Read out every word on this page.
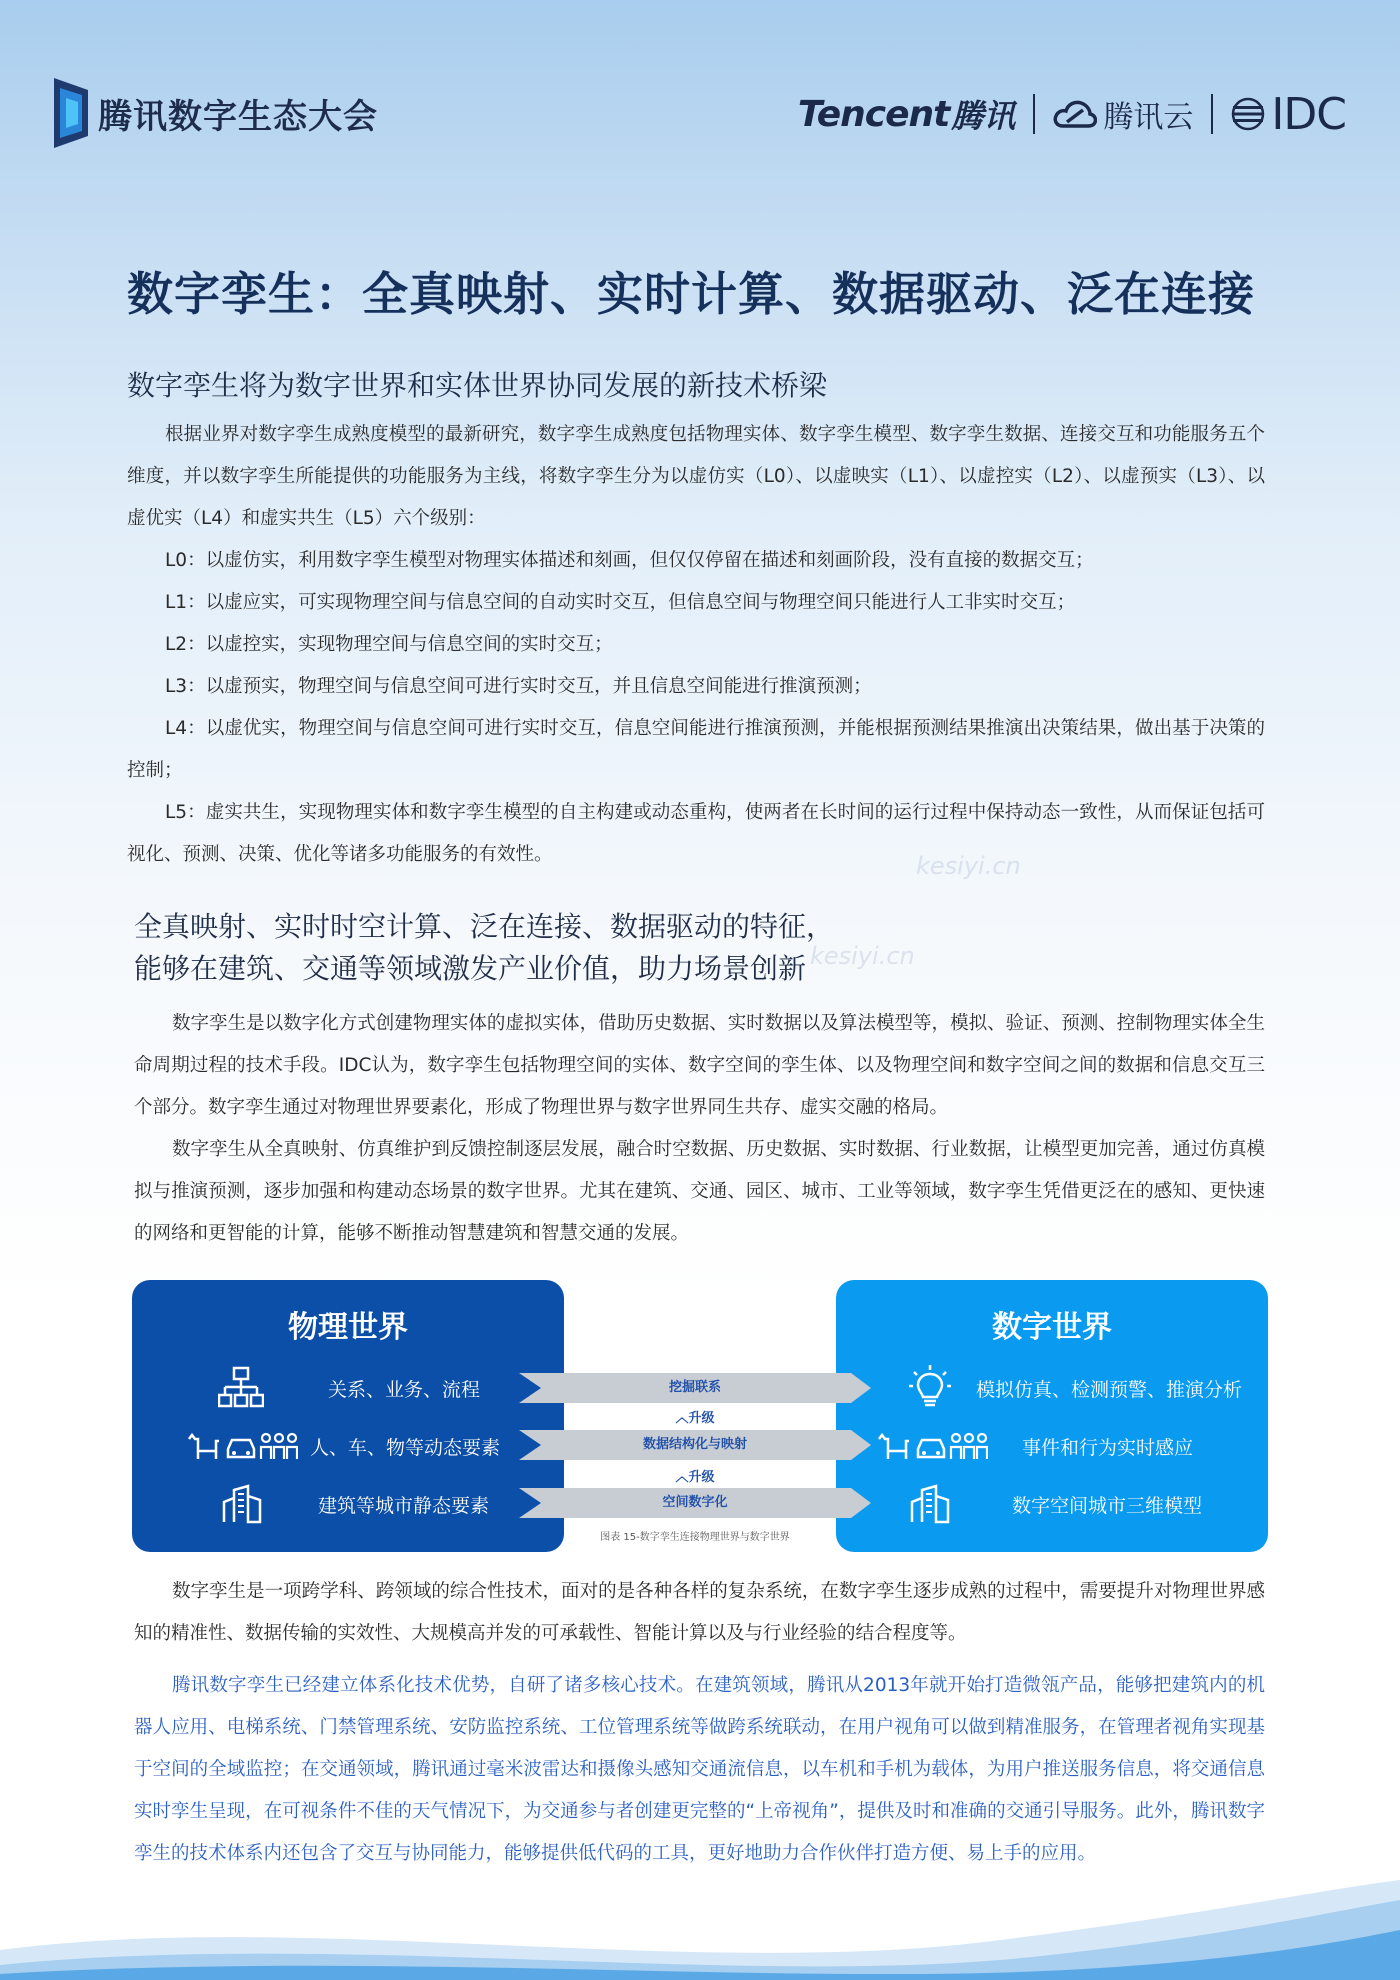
腾讯数字生态大会	Tencent 腾讯	腾讯云 IDC
数字孪生：全真映射、实时计算、数据驱动、泛在连接
数字孪生将为数字世界和实体世界协同发展的新技术桥梁

根据业界对数字孪生成熟度模型的最新研究，数字孪生成熟度包括物理实体、数字孪生模型、数字孪生数据、连接交互和功能服务五个维度，并以数字孪生所能提供的功能服务为主线，将数字孪生分为以虚仿实（L0）、以虚映实（L1）、以虚控实（L2）、以虚预实（L3）、以虚优实（L4）和虚实共生（L5）六个级别：

L0：以虚仿实，利用数字孪生模型对物理实体描述和刻画，但仅仅停留在描述和刻画阶段，没有直接的数据交互；

L1：以虚应实，可实现物理空间与信息空间的自动实时交互，但信息空间与物理空间只能进行人工非实时交互；

L2：以虚控实，实现物理空间与信息空间的实时交互；

L3：以虚预实，物理空间与信息空间可进行实时交互，并且信息空间能进行推演预测；

L4：以虚优实，物理空间与信息空间可进行实时交互，信息空间能进行推演预测，并能根据预测结果推演出决策结果，做出基于决策的控制；

L5：虚实共生，实现物理实体和数字孪生模型的自主构建或动态重构，使两者在长时间的运行过程中保持动态一致性，从而保证包括可视化、预测、决策、优化等诸多功能服务的有效性。

全真映射、实时时空计算、泛在连接、数据驱动的特征，
能够在建筑、交通等领域激发产业价值，助力场景创新

数字孪生是以数字化方式创建物理实体的虚拟实体，借助历史数据、实时数据以及算法模型等，模拟、验证、预测、控制物理实体全生命周期过程的技术手段。IDC认为，数字孪生包括物理空间的实体、数字空间的孪生体、以及物理空间和数字空间之间的数据和信息交互三个部分。数字孪生通过对物理世界要素化，形成了物理世界与数字世界同生共存、虚实交融的格局。

数字孪生从全真映射、仿真维护到反馈控制逐层发展，融合时空数据、历史数据、实时数据、行业数据，让模型更加完善，通过仿真模拟与推演预测，逐步加强和构建动态场景的数字世界。尤其在建筑、交通、园区、城市、工业等领域，数字孪生凭借更泛在的感知、更快速的网络和更智能的计算，能够不断推动智慧建筑和智慧交通的发展。

物理世界
关系、业务、流程
人、车、物等动态要素
建筑等城市静态要素
数字世界
模拟仿真、检测预警、推演分析
事件和行为实时感应
数字空间城市三维模型
挖掘联系
︿升级
数据结构化与映射
︿升级
空间数字化
图表 15-数字孪生连接物理世界与数字世界

数字孪生是一项跨学科、跨领域的综合性技术，面对的是各种各样的复杂系统，在数字孪生逐步成熟的过程中，需要提升对物理世界感知的精准性、数据传输的实效性、大规模高并发的可承载性、智能计算以及与行业经验的结合程度等。

腾讯数字孪生已经建立体系化技术优势，自研了诸多核心技术。在建筑领域，腾讯从2013年就开始打造微瓴产品，能够把建筑内的机器人应用、电梯系统、门禁管理系统、安防监控系统、工位管理系统等做跨系统联动，在用户视角可以做到精准服务，在管理者视角实现基于空间的全域监控；在交通领域，腾讯通过毫米波雷达和摄像头感知交通流信息，以车机和手机为载体，为用户推送服务信息，将交通信息实时孪生呈现，在可视条件不佳的天气情况下，为交通参与者创建更完整的“上帝视角”，提供及时和准确的交通引导服务。此外，腾讯数字孪生的技术体系内还包含了交互与协同能力，能够提供低代码的工具，更好地助力合作伙伴打造方便、易上手的应用。

kesiyi.cn
kesiyi.cn
